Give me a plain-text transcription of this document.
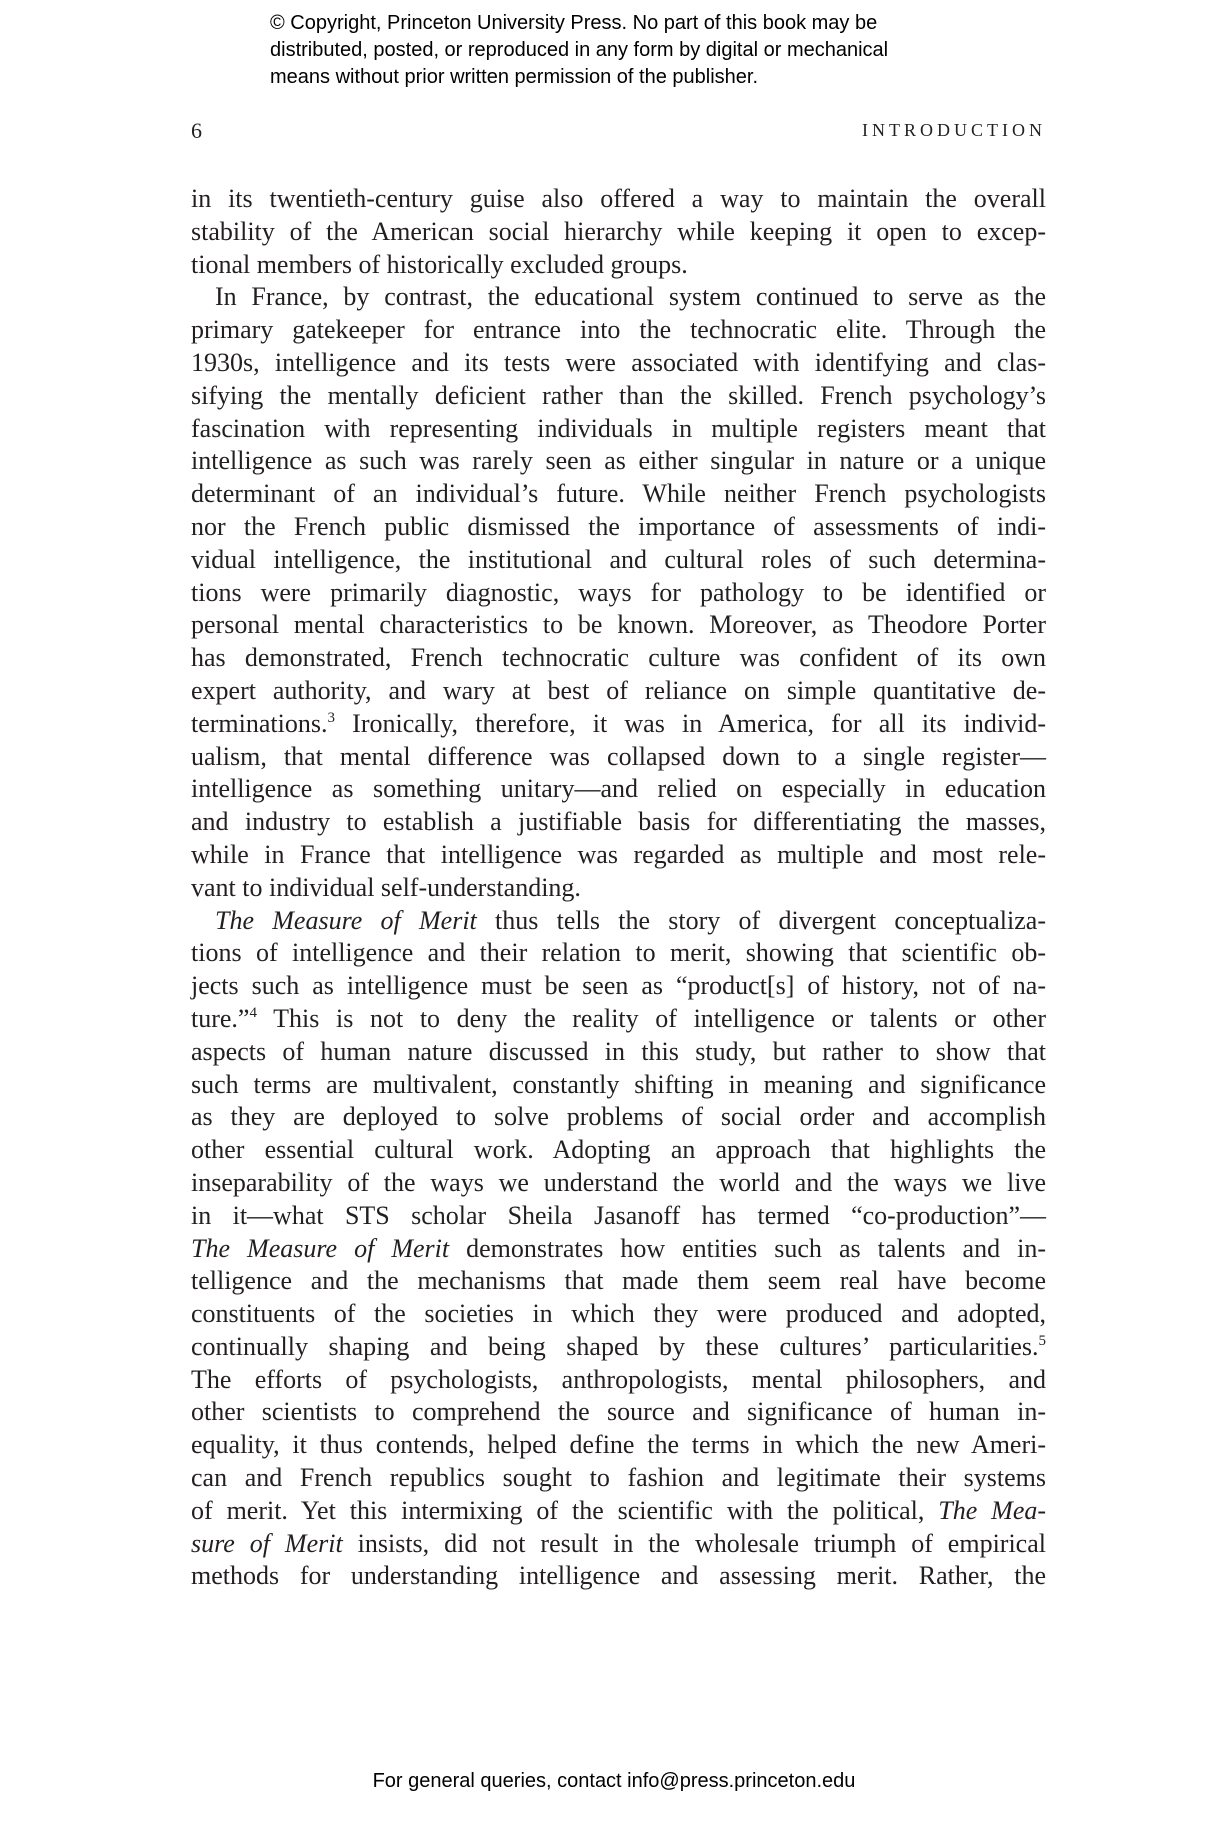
© Copyright, Princeton University Press. No part of this book may be
distributed, posted, or reproduced in any form by digital or mechanical
means without prior written permission of the publisher.
6	INTRODUCTION
in its twentieth-century guise also offered a way to maintain the overall
stability of the American social hierarchy while keeping it open to excep-
tional members of historically excluded groups.
In France, by contrast, the educational system continued to serve as the
primary gatekeeper for entrance into the technocratic elite. Through the
1930s, intelligence and its tests were associated with identifying and clas-
sifying the mentally deficient rather than the skilled. French psychology’s
fascination with representing individuals in multiple registers meant that
intelligence as such was rarely seen as either singular in nature or a unique
determinant of an individual’s future. While neither French psychologists
nor the French public dismissed the importance of assessments of indi-
vidual intelligence, the institutional and cultural roles of such determina-
tions were primarily diagnostic, ways for pathology to be identified or
personal mental characteristics to be known. Moreover, as Theodore Porter
has demonstrated, French technocratic culture was confident of its own
expert authority, and wary at best of reliance on simple quantitative de-
terminations.$^3$ Ironically, therefore, it was in America, for all its individ-
ualism, that mental difference was collapsed down to a single register—
intelligence as something unitary—and relied on especially in education
and industry to establish a justifiable basis for differentiating the masses,
while in France that intelligence was regarded as multiple and most rele-
vant to individual self-understanding.
The Measure of Merit thus tells the story of divergent conceptualiza-
tions of intelligence and their relation to merit, showing that scientific ob-
jects such as intelligence must be seen as “product[s] of history, not of na-
ture.”$^4$ This is not to deny the reality of intelligence or talents or other
aspects of human nature discussed in this study, but rather to show that
such terms are multivalent, constantly shifting in meaning and significance
as they are deployed to solve problems of social order and accomplish
other essential cultural work. Adopting an approach that highlights the
inseparability of the ways we understand the world and the ways we live
in it—what STS scholar Sheila Jasanoff has termed “co-production”—
The Measure of Merit demonstrates how entities such as talents and in-
telligence and the mechanisms that made them seem real have become
constituents of the societies in which they were produced and adopted,
continually shaping and being shaped by these cultures’ particularities.$^5$
The efforts of psychologists, anthropologists, mental philosophers, and
other scientists to comprehend the source and significance of human in-
equality, it thus contends, helped define the terms in which the new Ameri-
can and French republics sought to fashion and legitimate their systems
of merit. Yet this intermixing of the scientific with the political, The Mea-
sure of Merit insists, did not result in the wholesale triumph of empirical
methods for understanding intelligence and assessing merit. Rather, the
For general queries, contact info@press.princeton.edu
